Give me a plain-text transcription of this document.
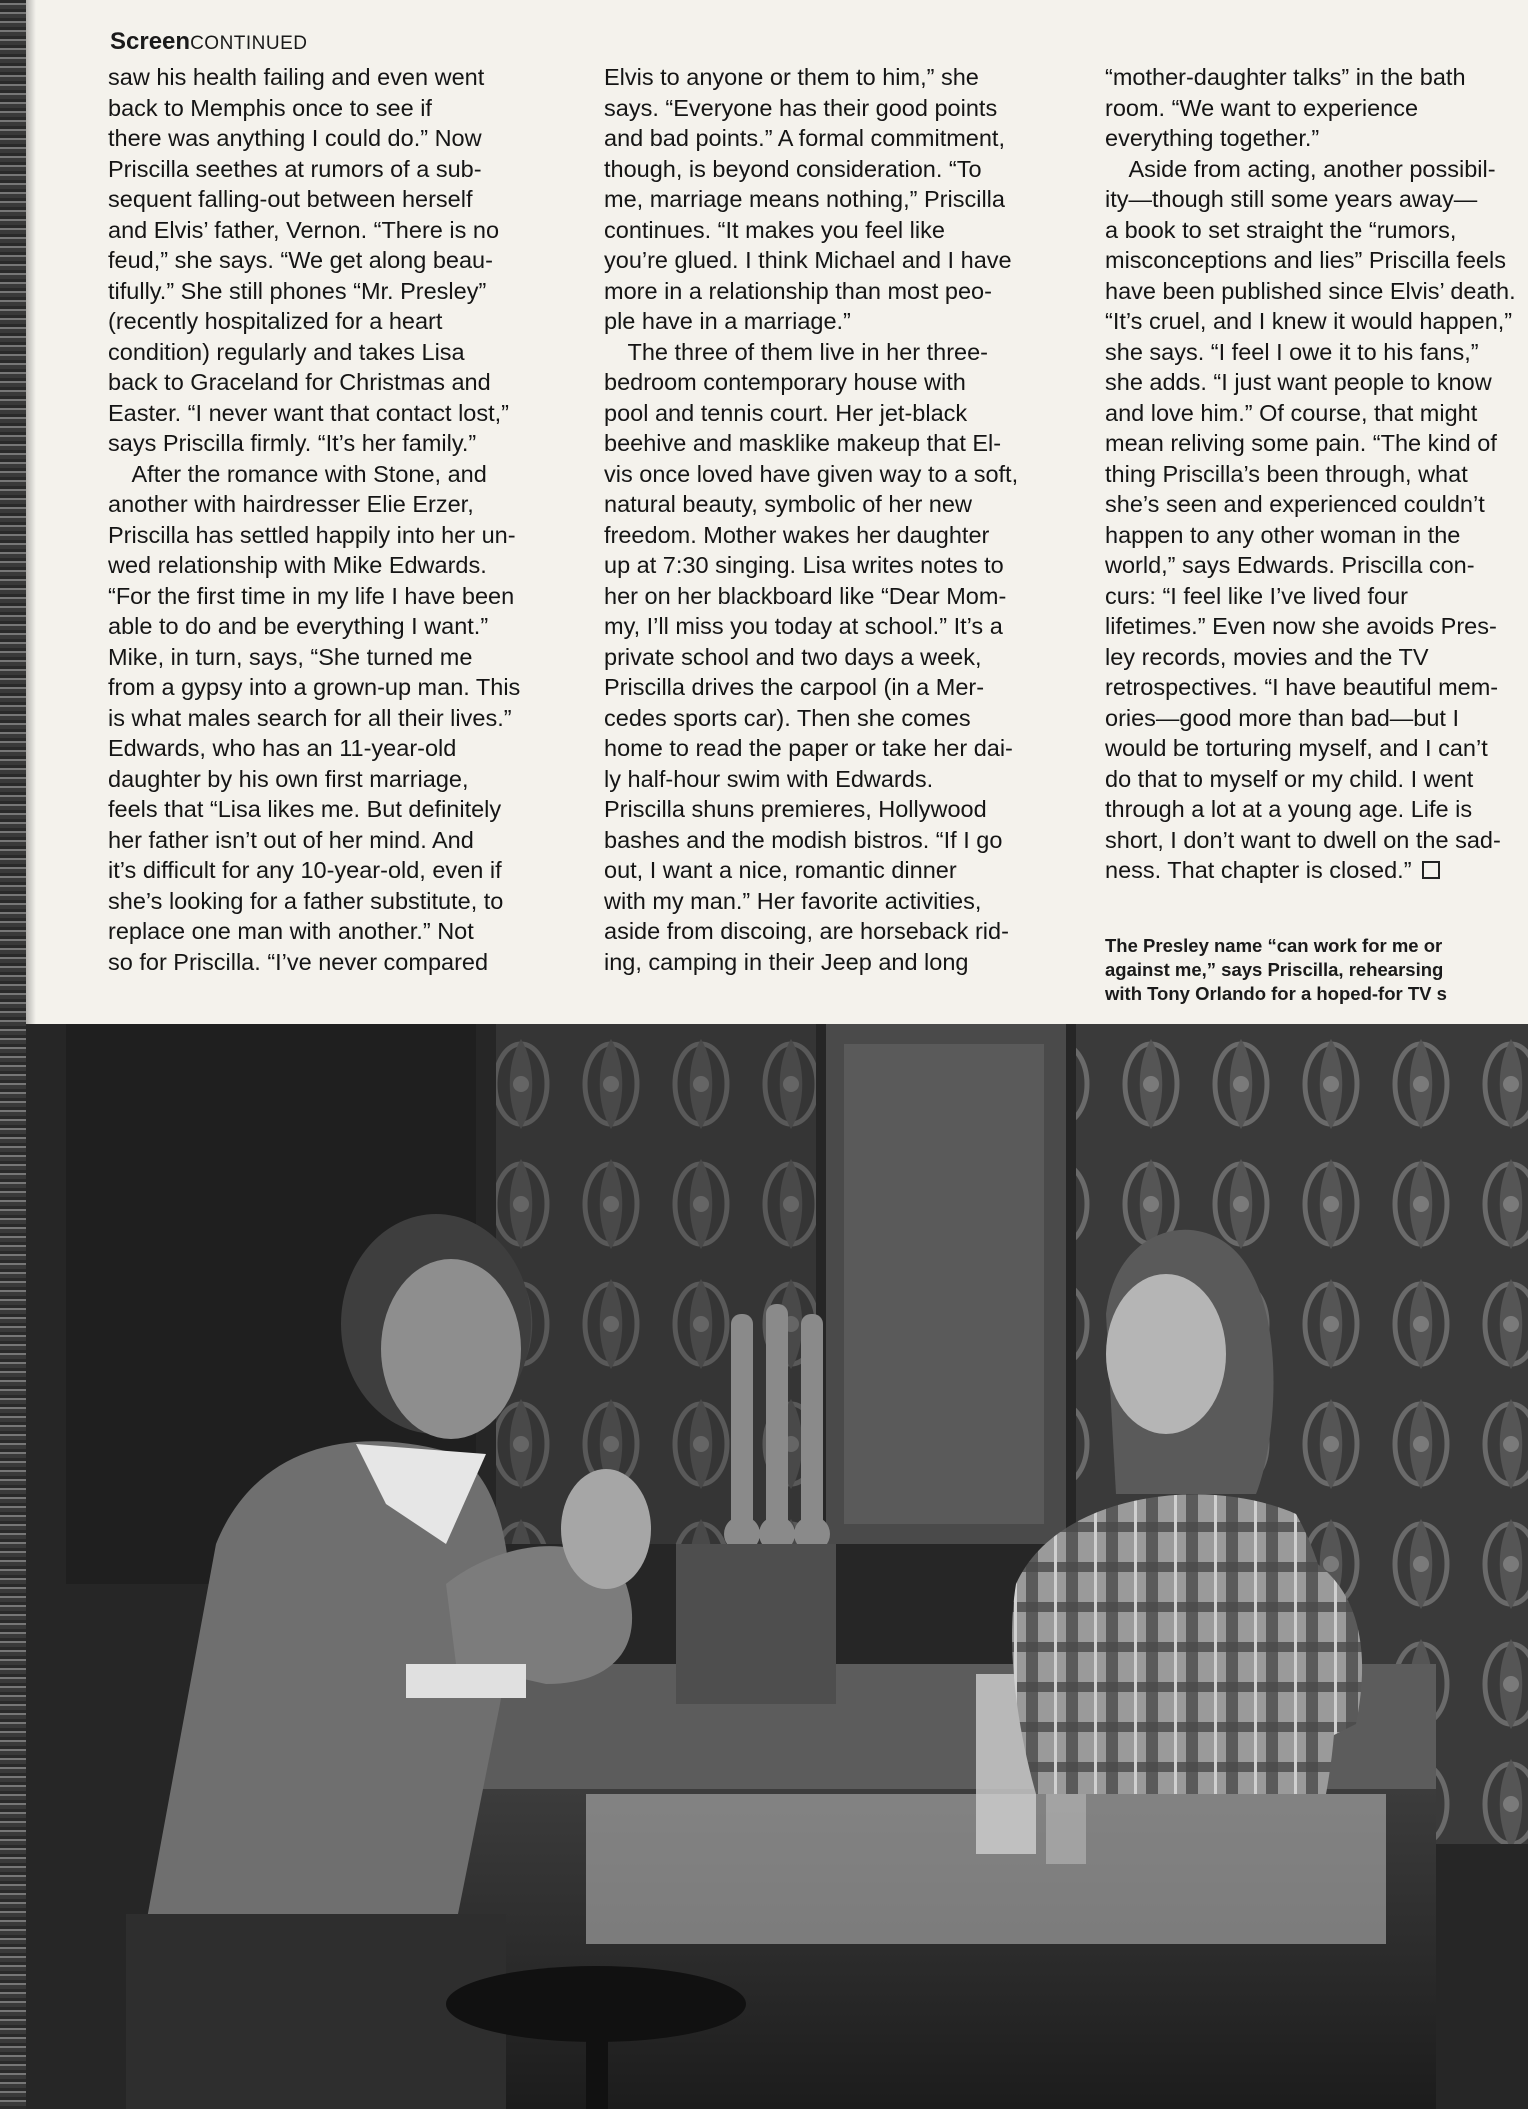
ScreenCONTINUED
saw his health failing and even went
back to Memphis once to see if
there was anything I could do.” Now
Priscilla seethes at rumors of a sub-
sequent falling-out between herself
and Elvis’ father, Vernon. “There is no
feud,” she says. “We get along beau-
tifully.” She still phones “Mr. Presley”
(recently hospitalized for a heart
condition) regularly and takes Lisa
back to Graceland for Christmas and
Easter. “I never want that contact lost,”
says Priscilla firmly. “It’s her family.”
 After the romance with Stone, and
another with hairdresser Elie Erzer,
Priscilla has settled happily into her un-
wed relationship with Mike Edwards.
“For the first time in my life I have been
able to do and be everything I want.”
Mike, in turn, says, “She turned me
from a gypsy into a grown-up man. This
is what males search for all their lives.”
Edwards, who has an 11-year-old
daughter by his own first marriage,
feels that “Lisa likes me. But definitely
her father isn’t out of her mind. And
it’s difficult for any 10-year-old, even if
she’s looking for a father substitute, to
replace one man with another.” Not
so for Priscilla. “I’ve never compared
Elvis to anyone or them to him,” she
says. “Everyone has their good points
and bad points.” A formal commitment,
though, is beyond consideration. “To
me, marriage means nothing,” Priscilla
continues. “It makes you feel like
you’re glued. I think Michael and I have
more in a relationship than most peo-
ple have in a marriage.”
 The three of them live in her three-
bedroom contemporary house with
pool and tennis court. Her jet-black
beehive and masklike makeup that El-
vis once loved have given way to a soft,
natural beauty, symbolic of her new
freedom. Mother wakes her daughter
up at 7:30 singing. Lisa writes notes to
her on her blackboard like “Dear Mom-
my, I’ll miss you today at school.” It’s a
private school and two days a week,
Priscilla drives the carpool (in a Mer-
cedes sports car). Then she comes
home to read the paper or take her dai-
ly half-hour swim with Edwards.
Priscilla shuns premieres, Hollywood
bashes and the modish bistros. “If I go
out, I want a nice, romantic dinner
with my man.” Her favorite activities,
aside from discoing, are horseback rid-
ing, camping in their Jeep and long
“mother-daughter talks” in the bath
room. “We want to experience
everything together.”
 Aside from acting, another possibil-
ity—though still some years away—
a book to set straight the “rumors,
misconceptions and lies” Priscilla feels
have been published since Elvis’ death.
“It’s cruel, and I knew it would happen,”
she says. “I feel I owe it to his fans,”
she adds. “I just want people to know
and love him.” Of course, that might
mean reliving some pain. “The kind of
thing Priscilla’s been through, what
she’s seen and experienced couldn’t
happen to any other woman in the
world,” says Edwards. Priscilla con-
curs: “I feel like I’ve lived four
lifetimes.” Even now she avoids Pres-
ley records, movies and the TV
retrospectives. “I have beautiful mem-
ories—good more than bad—but I
would be torturing myself, and I can’t
do that to myself or my child. I went
through a lot at a young age. Life is
short, I don’t want to dwell on the sad-
ness. That chapter is closed.”
The Presley name “can work for me or
against me,” says Priscilla, rehearsing
with Tony Orlando for a hoped-for TV s
